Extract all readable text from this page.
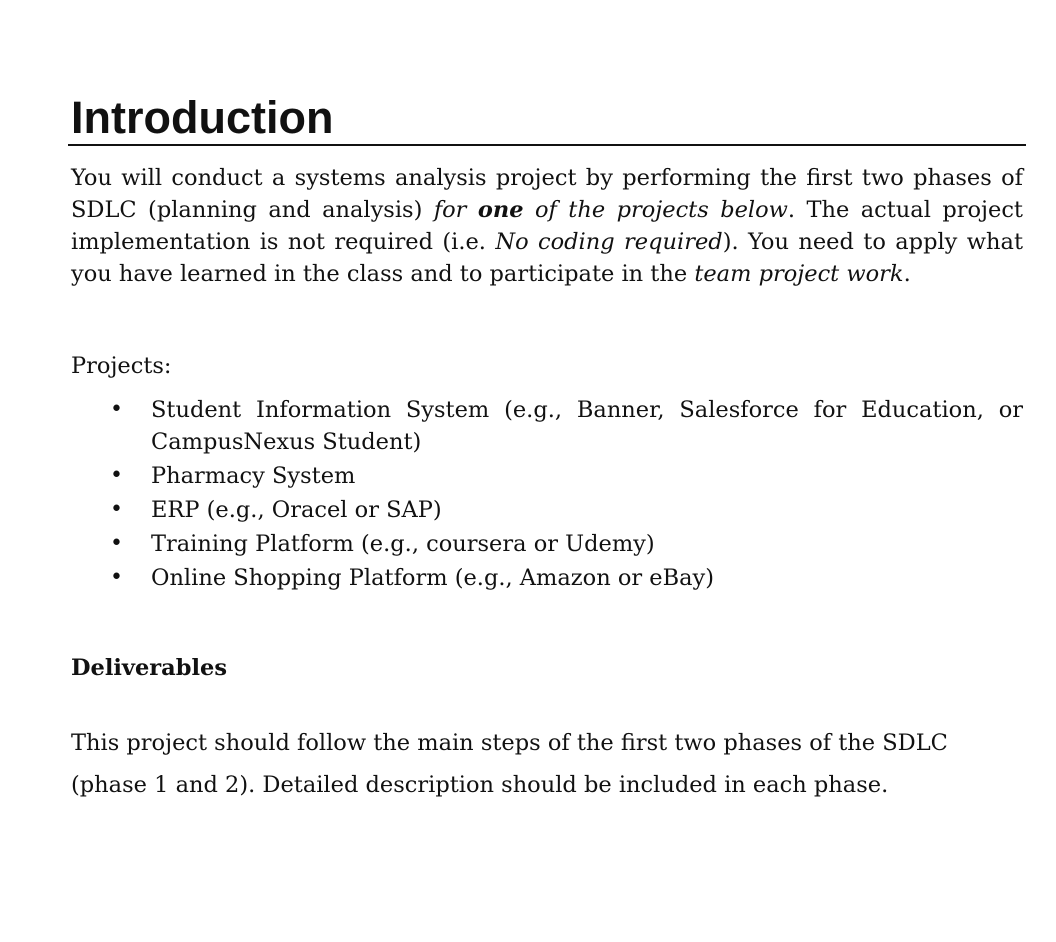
Introduction

You will conduct a systems analysis project by performing the first two phases of SDLC (planning and analysis) for one of the projects below. The actual project implementation is not required (i.e. No coding required). You need to apply what you have learned in the class and to participate in the team project work.

Projects:

• Student Information System (e.g., Banner, Salesforce for Education, or CampusNexus Student)
• Pharmacy System
• ERP (e.g., Oracel or SAP)
• Training Platform (e.g., coursera or Udemy)
• Online Shopping Platform (e.g., Amazon or eBay)
Deliverables

This project should follow the main steps of the first two phases of the SDLC (phase 1 and 2). Detailed description should be included in each phase.
